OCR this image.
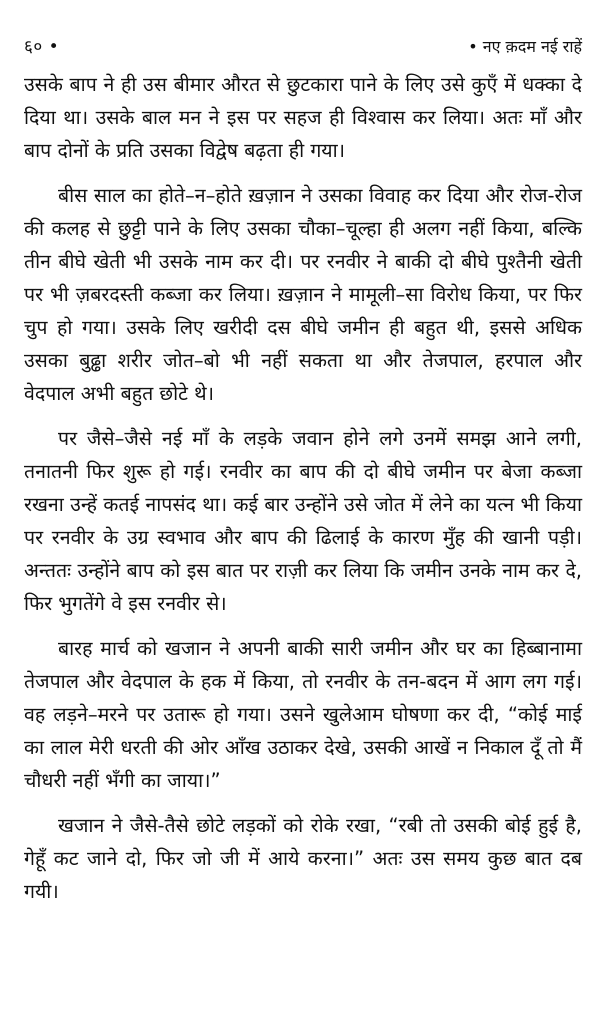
६० •	• नए क़दम नई राहें

उसके बाप ने ही उस बीमार औरत से छुटकारा पाने के लिए उसे कुएँ में धक्का दे दिया था। उसके बाल मन ने इस पर सहज ही विश्वास कर लिया। अतः माँ और बाप दोनों के प्रति उसका विद्वेष बढ़ता ही गया।

बीस साल का होते–न–होते ख़ज़ान ने उसका विवाह कर दिया और रोज-रोज की कलह से छुट्टी पाने के लिए उसका चौका–चूल्हा ही अलग नहीं किया, बल्कि तीन बीघे खेती भी उसके नाम कर दी। पर रनवीर ने बाकी दो बीघे पुश्तैनी खेती पर भी ज़बरदस्ती कब्जा कर लिया। ख़ज़ान ने मामूली–सा विरोध किया, पर फिर चुप हो गया। उसके लिए खरीदी दस बीघे जमीन ही बहुत थी, इससे अधिक उसका बुढ्ढा शरीर जोत–बो भी नहीं सकता था और तेजपाल, हरपाल और वेदपाल अभी बहुत छोटे थे।

पर जैसे–जैसे नई माँ के लड़के जवान होने लगे उनमें समझ आने लगी, तनातनी फिर शुरू हो गई। रनवीर का बाप की दो बीघे जमीन पर बेजा कब्जा रखना उन्हें कतई नापसंद था। कई बार उन्होंने उसे जोत में लेने का यत्न भी किया पर रनवीर के उग्र स्वभाव और बाप की ढिलाई के कारण मुँह की खानी पड़ी। अन्ततः उन्होंने बाप को इस बात पर राज़ी कर लिया कि जमीन उनके नाम कर दे, फिर भुगतेंगे वे इस रनवीर से।

बारह मार्च को खजान ने अपनी बाकी सारी जमीन और घर का हिब्बानामा तेजपाल और वेदपाल के हक में किया, तो रनवीर के तन-बदन में आग लग गई। वह लड़ने–मरने पर उतारू हो गया। उसने खुलेआम घोषणा कर दी, “कोई माई का लाल मेरी धरती की ओर आँख उठाकर देखे, उसकी आखें न निकाल दूँ तो मैं चौधरी नहीं भँगी का जाया।”

खजान ने जैसे-तैसे छोटे लड़कों को रोके रखा, “रबी तो उसकी बोई हुई है, गेहूँ कट जाने दो, फिर जो जी में आये करना।” अतः उस समय कुछ बात दब गयी।
